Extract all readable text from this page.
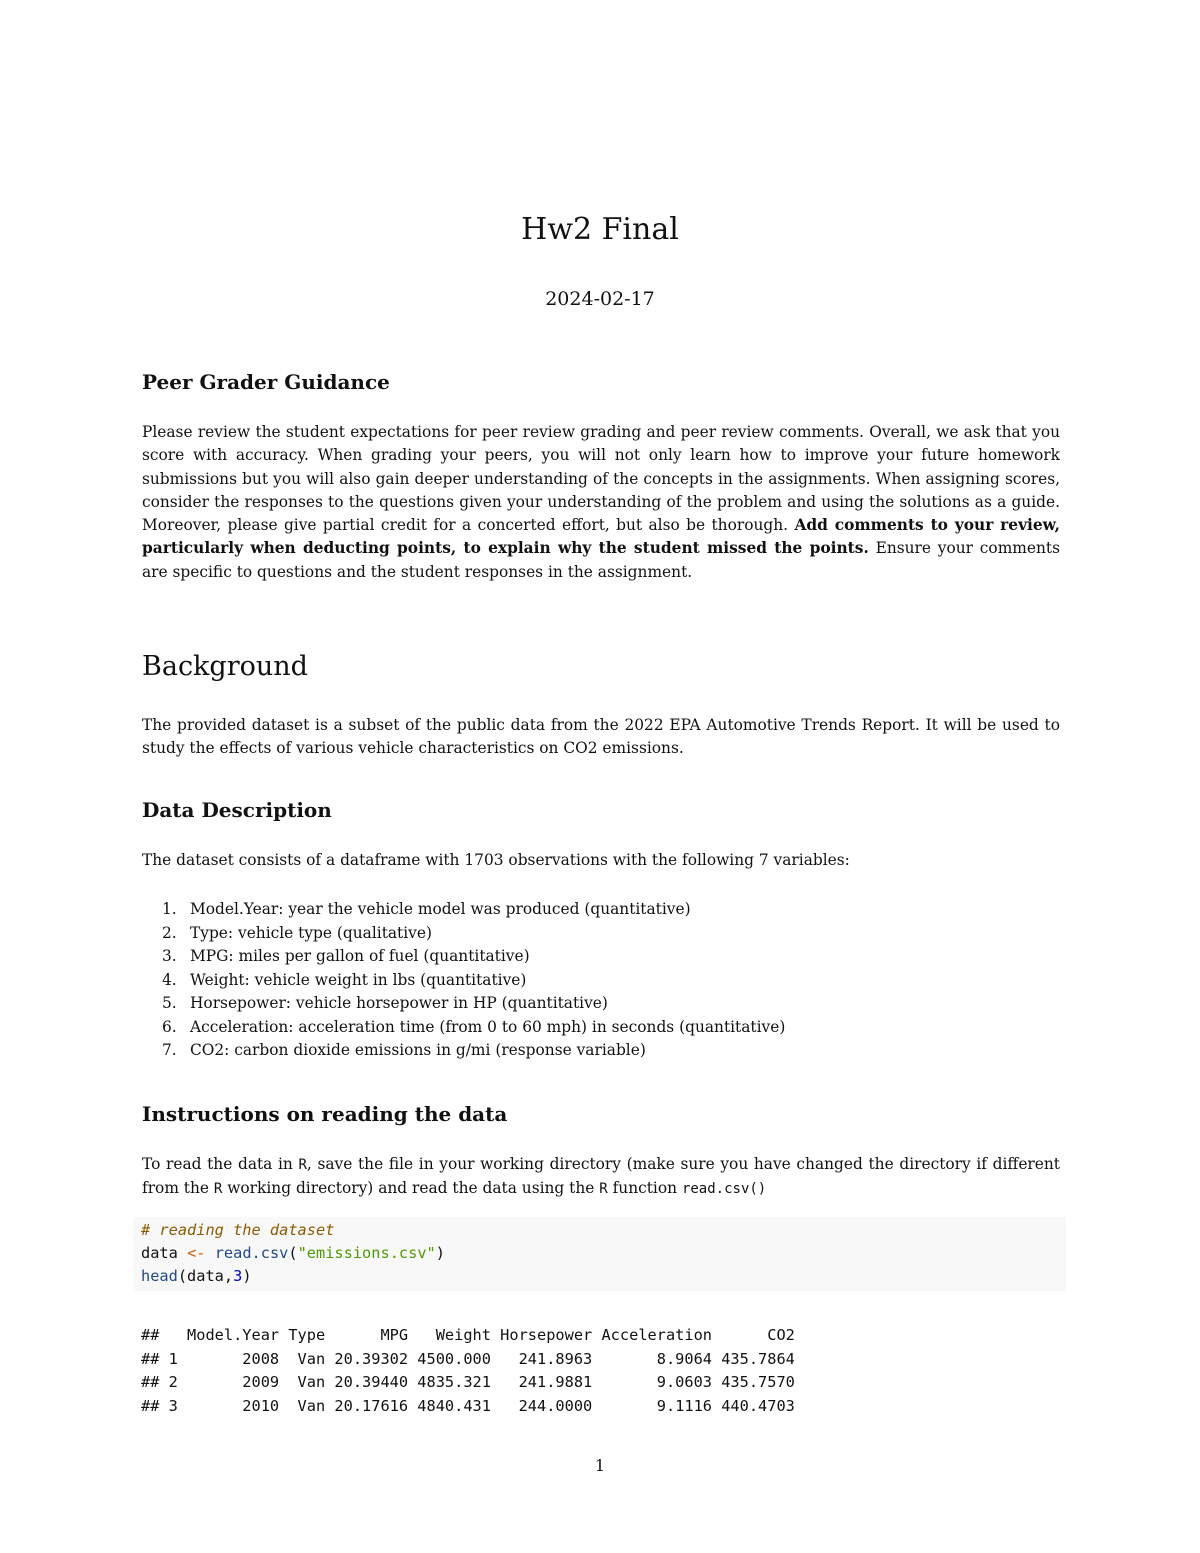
Hw2 Final
2024-02-17
Peer Grader Guidance

Please review the student expectations for peer review grading and peer review comments. Overall, we ask that you score with accuracy. When grading your peers, you will not only learn how to improve your future homework submissions but you will also gain deeper understanding of the concepts in the assignments. When assigning scores, consider the responses to the questions given your understanding of the problem and using the solutions as a guide. Moreover, please give partial credit for a concerted effort, but also be thorough. Add comments to your review, particularly when deducting points, to explain why the student missed the points. Ensure your comments are specific to questions and the student responses in the assignment.

Background

The provided dataset is a subset of the public data from the 2022 EPA Automotive Trends Report. It will be used to study the effects of various vehicle characteristics on CO2 emissions.

Data Description

The dataset consists of a dataframe with 1703 observations with the following 7 variables:

1. Model.Year: year the vehicle model was produced (quantitative)
2. Type: vehicle type (qualitative)
3. MPG: miles per gallon of fuel (quantitative)
4. Weight: vehicle weight in lbs (quantitative)
5. Horsepower: vehicle horsepower in HP (quantitative)
6. Acceleration: acceleration time (from 0 to 60 mph) in seconds (quantitative)
7. CO2: carbon dioxide emissions in g/mi (response variable)
Instructions on reading the data

To read the data in R, save the file in your working directory (make sure you have changed the directory if different from the R working directory) and read the data using the R function read.csv()

# reading the dataset
data <- read.csv("emissions.csv")
head(data,3)
##   Model.Year Type      MPG   Weight Horsepower Acceleration      CO2
## 1       2008  Van 20.39302 4500.000   241.8963       8.9064 435.7864
## 2       2009  Van 20.39440 4835.321   241.9881       9.0603 435.7570
## 3       2010  Van 20.17616 4840.431   244.0000       9.1116 440.4703
1
